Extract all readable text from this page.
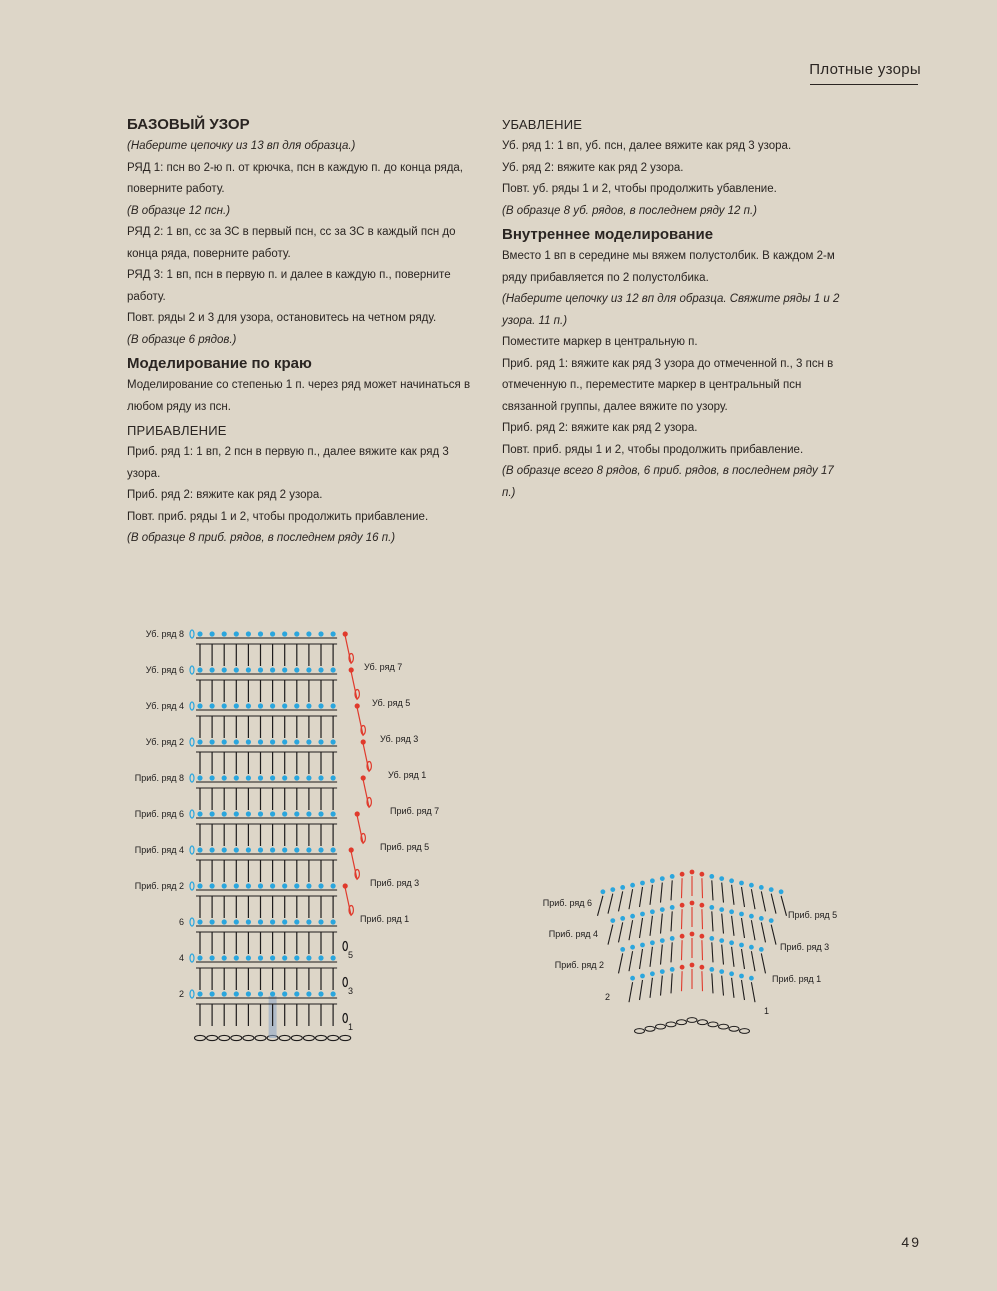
Плотные узоры
БАЗОВЫЙ УЗОР

(Наберите цепочку из 13 вп для образца.)

РЯД 1: псн во 2-ю п. от крючка, псн в каждую п. до конца ряда, поверните работу.

(В образце 12 псн.)

РЯД 2: 1 вп, сс за ЗС в первый псн, сс за ЗС в каждый псн до конца ряда, поверните работу.

РЯД 3: 1 вп, псн в первую п. и далее в каждую п., поверните работу.

Повт. ряды 2 и 3 для узора, остановитесь на четном ряду.

(В образце 6 рядов.)

Моделирование по краю

Моделирование со степенью 1 п. через ряд может начинаться в любом ряду из псн.

ПРИБАВЛЕНИЕ

Приб. ряд 1: 1 вп, 2 псн в первую п., далее вяжите как ряд 3 узора.

Приб. ряд 2: вяжите как ряд 2 узора.

Повт. приб. ряды 1 и 2, чтобы продолжить прибавление.

(В образце 8 приб. рядов, в последнем ряду 16 п.)

УБАВЛЕНИЕ

Уб. ряд 1: 1 вп, уб. псн, далее вяжите как ряд 3 узора.

Уб. ряд 2: вяжите как ряд 2 узора.

Повт. уб. ряды 1 и 2, чтобы продолжить убавление.

(В образце 8 уб. рядов, в последнем ряду 12 п.)

Внутреннее моделирование

Вместо 1 вп в середине мы вяжем полустолбик. В каждом 2-м ряду прибавляется по 2 полустолбика.

(Наберите цепочку из 12 вп для образца. Свяжите ряды 1 и 2 узора. 11 п.)

Поместите маркер в центральную п.

Приб. ряд 1: вяжите как ряд 3 узора до отмеченной п., 3 псн в отмеченную п., переместите маркер в центральный псн связанной группы, далее вяжите по узору.

Приб. ряд 2: вяжите как ряд 2 узора.

Повт. приб. ряды 1 и 2, чтобы продолжить прибавление.

(В образце всего 8 рядов, 6 приб. рядов, в последнем ряду 17 п.)

Уб. ряд 8
Уб. ряд 6
Уб. ряд 4
Уб. ряд 2
Приб. ряд 8
Приб. ряд 6
Приб. ряд 4
Приб. ряд 2
6
4
2
Уб. ряд 7
Уб. ряд 5
Уб. ряд 3
Уб. ряд 1
Приб. ряд 7
Приб. ряд 5
Приб. ряд 3
Приб. ряд 1
5
3
1
Приб. ряд 6
Приб. ряд 4
Приб. ряд 2
2
Приб. ряд 5
Приб. ряд 3
Приб. ряд 1
1
49
